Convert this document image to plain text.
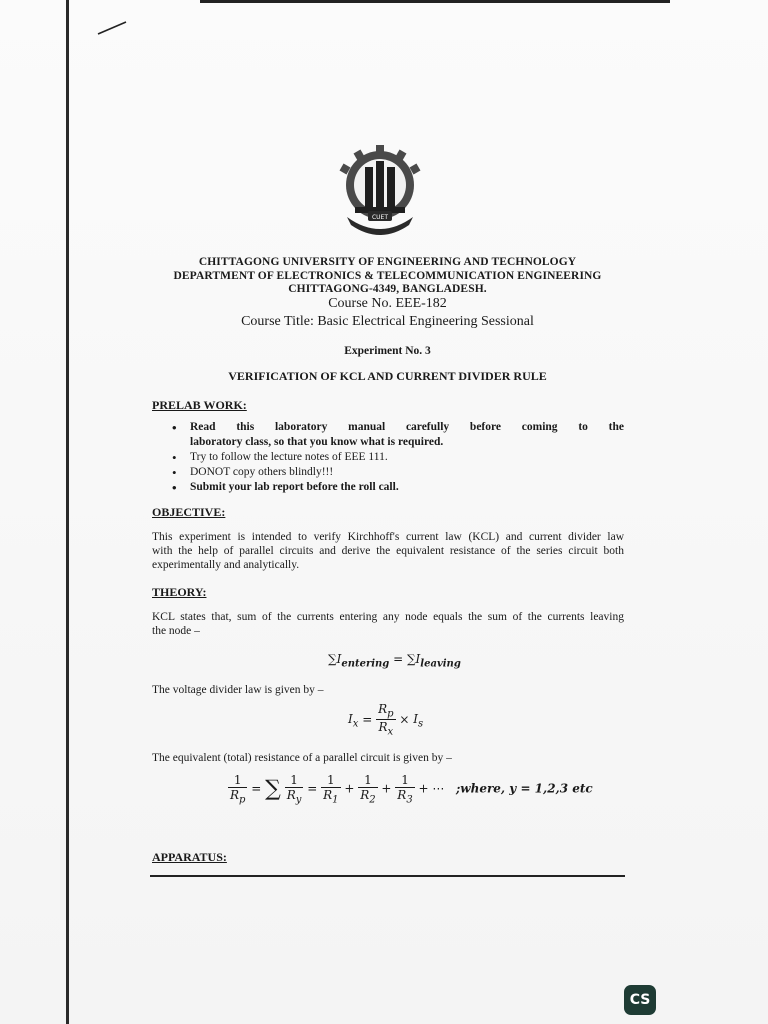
CUET
CHITTAGONG UNIVERSITY OF ENGINEERING AND TECHNOLOGY
DEPARTMENT OF ELECTRONICS & TELECOMMUNICATION ENGINEERING
CHITTAGONG-4349, BANGLADESH.
Course No. EEE-182
Course Title: Basic Electrical Engineering Sessional
Experiment No. 3
VERIFICATION OF KCL AND CURRENT DIVIDER RULE
PRELAB WORK:
• Read this laboratory manual carefully before coming to the
laboratory class, so that you know what is required.
• Try to follow the lecture notes of EEE 111.
• DONOT copy others blindly!!!
• Submit your lab report before the roll call.
OBJECTIVE:
This experiment is intended to verify Kirchhoff's current law (KCL) and current divider law
with the help of parallel circuits and derive the equivalent resistance of the series circuit both
experimentally and analytically.
THEORY:
KCL states that, sum of the currents entering any node equals the sum of the currents leaving
the node –
$\sum I_{entering} = \sum I_{leaving}$
The voltage divider law is given by –
$I_x = \frac{R_p}{R_x} \times I_s$
The equivalent (total) resistance of a parallel circuit is given by –
$\frac{1}{R_p}$ = ∑ $\frac{1}{R_y} = \frac{1}{R_1} + \frac{1}{R_2} + \frac{1}{R_3}$ + ⋯   ;where, y = 1,2,3 etc
APPARATUS:
CS
